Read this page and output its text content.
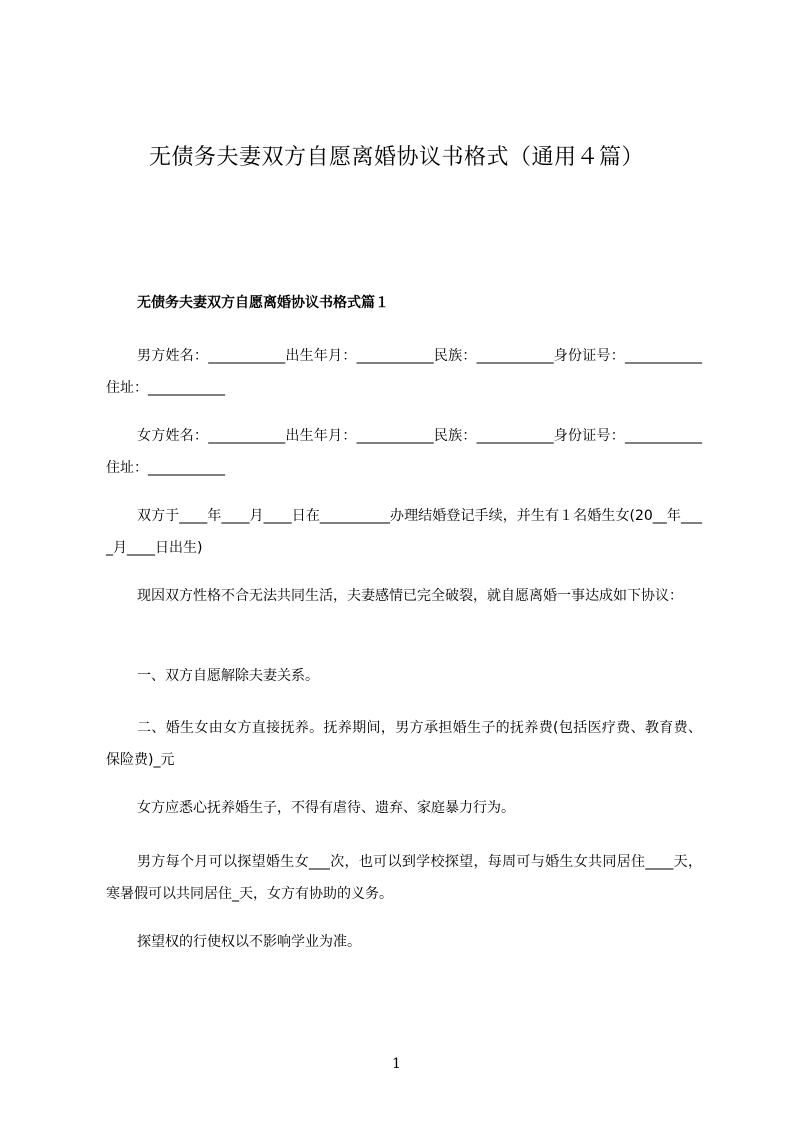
无债务夫妻双方自愿离婚协议书格式（通用４篇）
无债务夫妻双方自愿离婚协议书格式篇１
男方姓名：___________出生年月：___________民族：___________身份证号：___________住址：___________
女方姓名：___________出生年月：___________民族：___________身份证号：___________住址：___________
双方于____年____月____日在__________办理结婚登记手续，并生有１名婚生女(20__年____月____日出生)
现因双方性格不合无法共同生活，夫妻感情已完全破裂，就自愿离婚一事达成如下协议：
一、双方自愿解除夫妻关系。
二、婚生女由女方直接抚养。抚养期间，男方承担婚生子的抚养费(包括医疗费、教育费、保险费)_元
女方应悉心抚养婚生子，不得有虐待、遗弃、家庭暴力行为。
男方每个月可以探望婚生女___次，也可以到学校探望，每周可与婚生女共同居住____天，寒暑假可以共同居住_天，女方有协助的义务。
探望权的行使权以不影响学业为准。
1
